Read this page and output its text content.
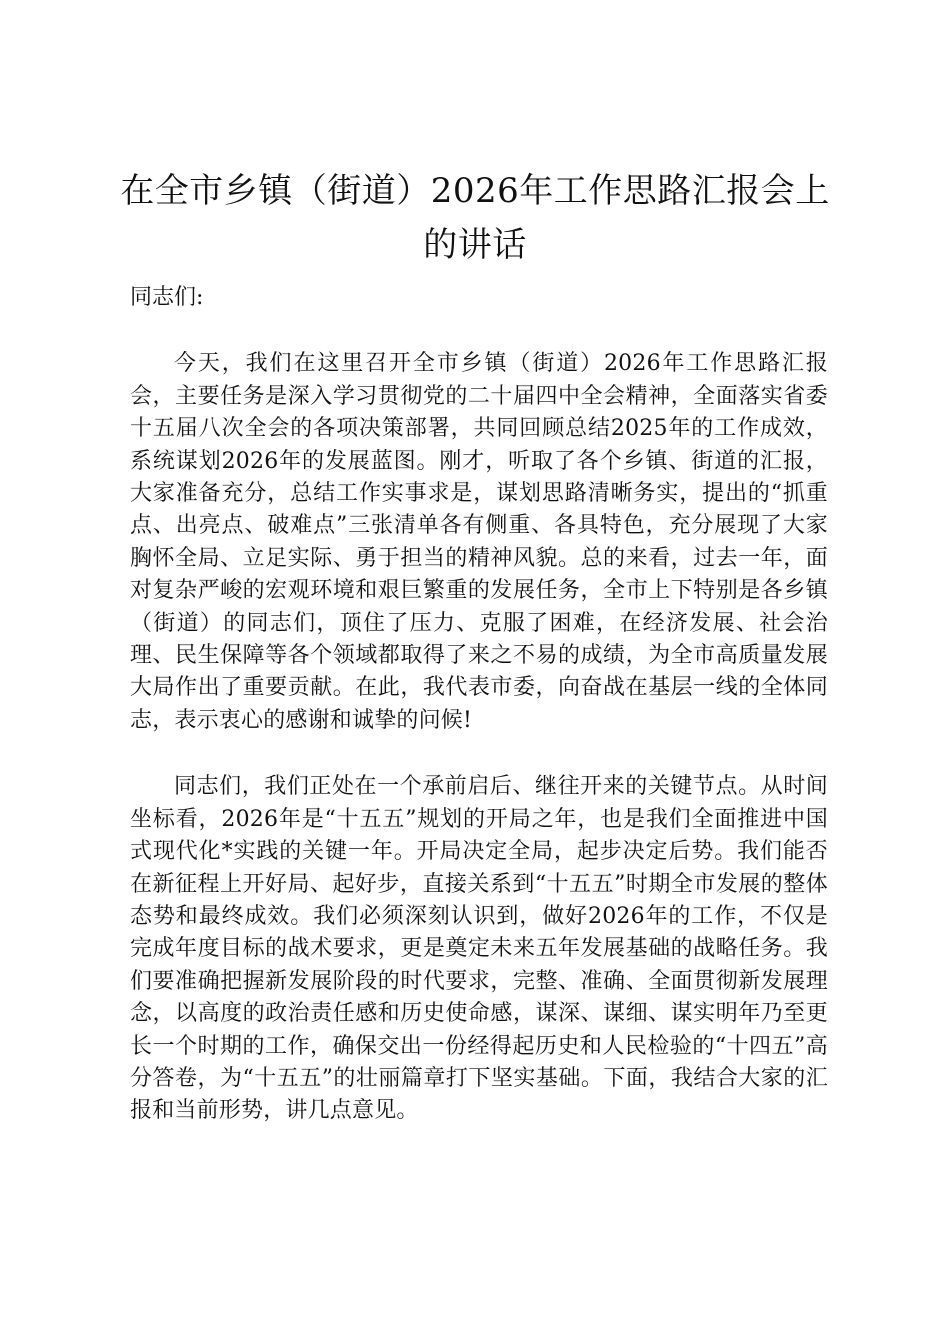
在全市乡镇（街道）2026年工作思路汇报会上的讲话

同志们:

今天，我们在这里召开全市乡镇（街道）2026年工作思路汇报会，主要任务是深入学习贯彻党的二十届四中全会精神，全面落实省委十五届八次全会的各项决策部署，共同回顾总结2025年的工作成效，系统谋划2026年的发展蓝图。刚才，听取了各个乡镇、街道的汇报，大家准备充分，总结工作实事求是，谋划思路清晰务实，提出的“抓重点、出亮点、破难点”三张清单各有侧重、各具特色，充分展现了大家胸怀全局、立足实际、勇于担当的精神风貌。总的来看，过去一年，面对复杂严峻的宏观环境和艰巨繁重的发展任务，全市上下特别是各乡镇（街道）的同志们，顶住了压力、克服了困难，在经济发展、社会治理、民生保障等各个领域都取得了来之不易的成绩，为全市高质量发展大局作出了重要贡献。在此，我代表市委，向奋战在基层一线的全体同志，表示衷心的感谢和诚挚的问候!

同志们，我们正处在一个承前启后、继往开来的关键节点。从时间坐标看，2026年是“十五五”规划的开局之年，也是我们全面推进中国式现代化*实践的关键一年。开局决定全局，起步决定后势。我们能否在新征程上开好局、起好步，直接关系到“十五五”时期全市发展的整体态势和最终成效。我们必须深刻认识到，做好2026年的工作，不仅是完成年度目标的战术要求，更是奠定未来五年发展基础的战略任务。我们要准确把握新发展阶段的时代要求，完整、准确、全面贯彻新发展理念，以高度的政治责任感和历史使命感，谋深、谋细、谋实明年乃至更长一个时期的工作，确保交出一份经得起历史和人民检验的“十四五”高分答卷，为“十五五”的壮丽篇章打下坚实基础。下面，我结合大家的汇报和当前形势，讲几点意见。
